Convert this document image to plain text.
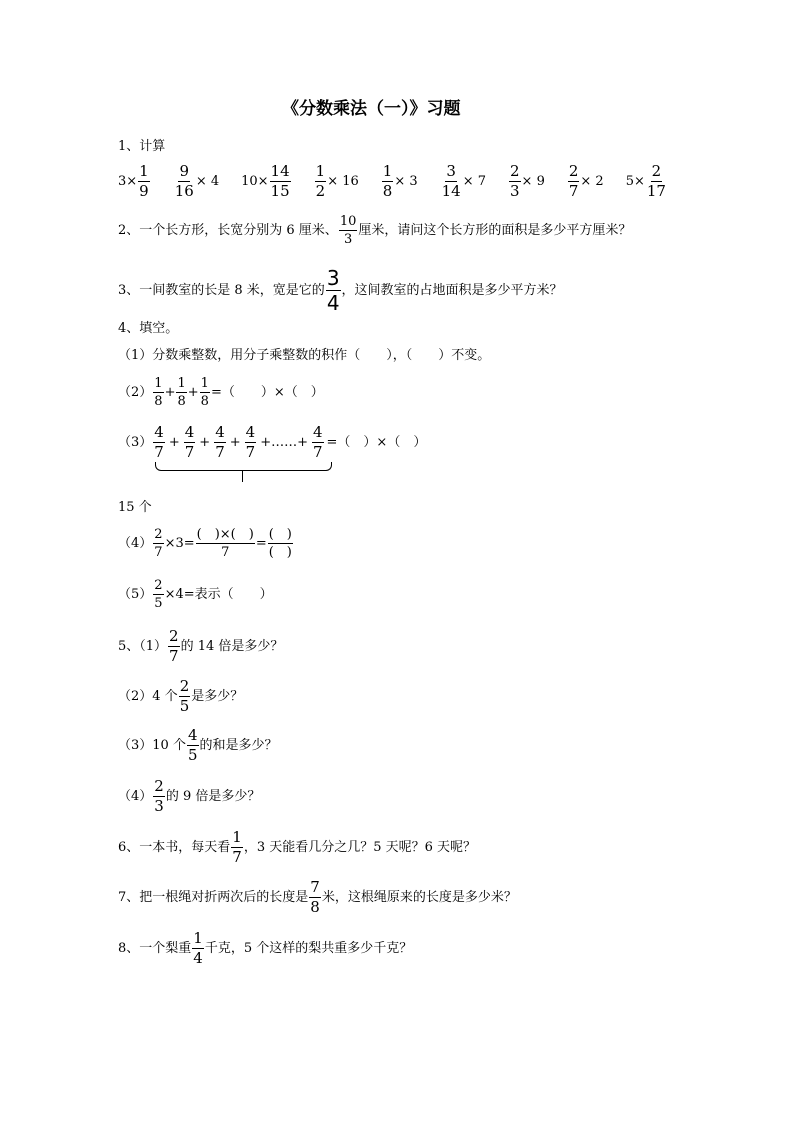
《分数乘法（一）》习题
1、计算
$3\times \frac{1}{9} \frac{9}{16} \times 4$ $10\times \frac{14}{15} \frac{1}{2} \times 16 \frac{1}{8} \times 3 \frac{3}{14} \times 7 \frac{2}{3} \times 9 \frac{2}{7} \times 2$ $5\times \frac{2}{17}$
2、一个长方形，长宽分别为 6 厘米、
10
3
厘米，请问这个长方形的面积是多少平方厘米？
3、一间教室的长是 8 米，宽是它的
3
4
，这间教室的占地面积是多少平方米？
4、填空。
（1）分数乘整数，用分子乘整数的积作（　　），（　　）不变。
（2）
1
8
+ $\frac{1}{8} + \frac{1}{8}$ =（　　）×（　）
（3）
4
7
+ $\frac{4}{7} + \frac{4}{7} + \frac{4}{7}$ +……+ $\frac{4}{7}$ =（　）×（　）
15 个
$(4) \frac{2}{7} \times 3=$
(　)×(　)
7
=
(　)
(　)
$(5) \frac{2}{5} \times 4=$表示（　　）
5、（1）
2
7
的 14 倍是多少？
（2）4 个
2
5
是多少？
（3）10 个
4
5
的和是多少？
（4）
2
3
的 9 倍是多少？
6、一本书，每天看
1
7
，3 天能看几分之几？5 天呢？6 天呢？
7、把一根绳对折两次后的长度是
7
8
米，这根绳原来的长度是多少米？
8、一个梨重
1
4
千克，5 个这样的梨共重多少千克？
